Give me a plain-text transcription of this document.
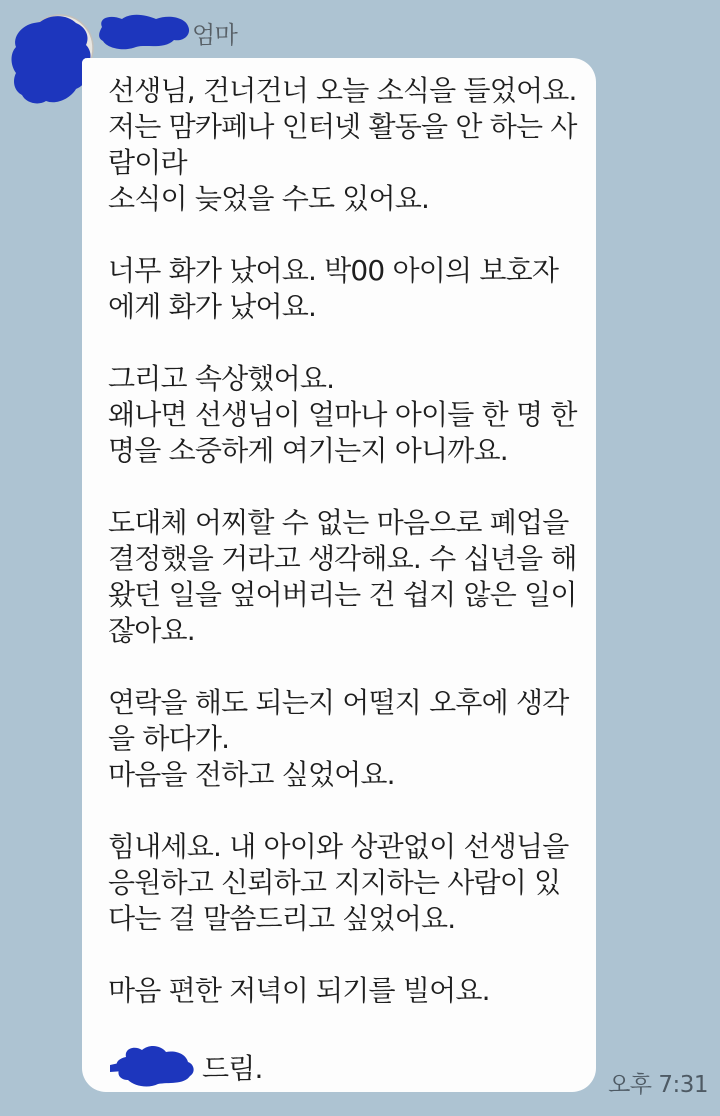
엄마
선생님, 건너건너 오늘 소식을 들었어요.
저는 맘카페나 인터넷 활동을 안 하는 사
람이라
소식이 늦었을 수도 있어요.
너무 화가 났어요. 박00 아이의 보호자
에게 화가 났어요.
그리고 속상했어요.
왜나면 선생님이 얼마나 아이들 한 명 한
명을 소중하게 여기는지 아니까요.
도대체 어찌할 수 없는 마음으로 폐업을
결정했을 거라고 생각해요. 수 십년을 해
왔던 일을 엎어버리는 건 쉽지 않은 일이
잖아요.
연락을 해도 되는지 어떨지 오후에 생각
을 하다가.
마음을 전하고 싶었어요.
힘내세요. 내 아이와 상관없이 선생님을
응원하고 신뢰하고 지지하는 사람이 있
다는 걸 말씀드리고 싶었어요.
마음 편한 저녁이 되기를 빌어요.
드림.	오후 7:31
